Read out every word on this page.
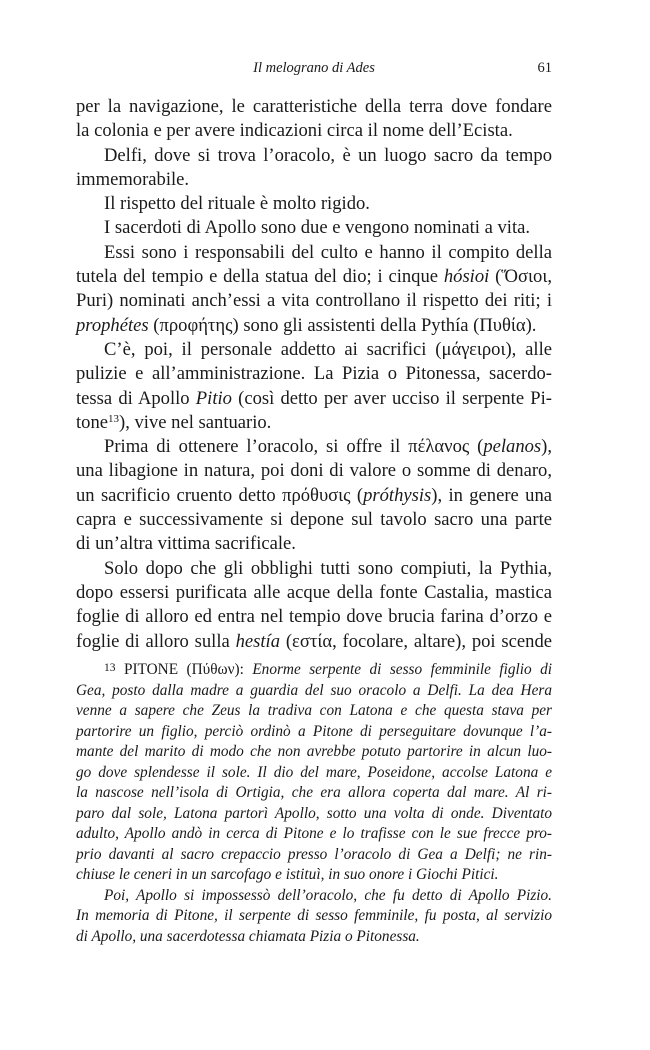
Il melograno di Ades	61
per la navigazione, le caratteristiche della terra dove fondare
la colonia e per avere indicazioni circa il nome dell’Ecista.
Delfi, dove si trova l’oracolo, è un luogo sacro da tempo
immemorabile.
Il rispetto del rituale è molto rigido.
I sacerdoti di Apollo sono due e vengono nominati a vita.
Essi sono i responsabili del culto e hanno il compito della
tutela del tempio e della statua del dio; i cinque hósioi (Ὅσιοι,
Puri) nominati anch’essi a vita controllano il rispetto dei riti; i
prophétes (προφήτης) sono gli assistenti della Pythía (Πυθία).
C’è, poi, il personale addetto ai sacrifici (μάγειροι), alle
pulizie e all’amministrazione. La Pizia o Pitonessa, sacerdo-
tessa di Apollo Pitio (così detto per aver ucciso il serpente Pi-
tone$^{13}$), vive nel santuario.
Prima di ottenere l’oracolo, si offre il πέλανος (pelanos),
una libagione in natura, poi doni di valore o somme di denaro,
un sacrificio cruento detto πρόθυσις (próthysis), in genere una
capra e successivamente si depone sul tavolo sacro una parte
di un’altra vittima sacrificale.
Solo dopo che gli obblighi tutti sono compiuti, la Pythia,
dopo essersi purificata alle acque della fonte Castalia, mastica
foglie di alloro ed entra nel tempio dove brucia farina d’orzo e
foglie di alloro sulla hestía (εστία, focolare, altare), poi scende
13 PITONE (Πύθων): Enorme serpente di sesso femminile figlio di
Gea, posto dalla madre a guardia del suo oracolo a Delfi. La dea Hera
venne a sapere che Zeus la tradiva con Latona e che questa stava per
partorire un figlio, perciò ordinò a Pitone di perseguitare dovunque l’a-
mante del marito di modo che non avrebbe potuto partorire in alcun luo-
go dove splendesse il sole. Il dio del mare, Poseidone, accolse Latona e
la nascose nell’isola di Ortigia, che era allora coperta dal mare. Al ri-
paro dal sole, Latona partorì Apollo, sotto una volta di onde. Diventato
adulto, Apollo andò in cerca di Pitone e lo trafisse con le sue frecce pro-
prio davanti al sacro crepaccio presso l’oracolo di Gea a Delfi; ne rin-
chiuse le ceneri in un sarcofago e istituì, in suo onore i Giochi Pitici.
Poi, Apollo si impossessò dell’oracolo, che fu detto di Apollo Pizio.
In memoria di Pitone, il serpente di sesso femminile, fu posta, al servizio
di Apollo, una sacerdotessa chiamata Pizia o Pitonessa.
